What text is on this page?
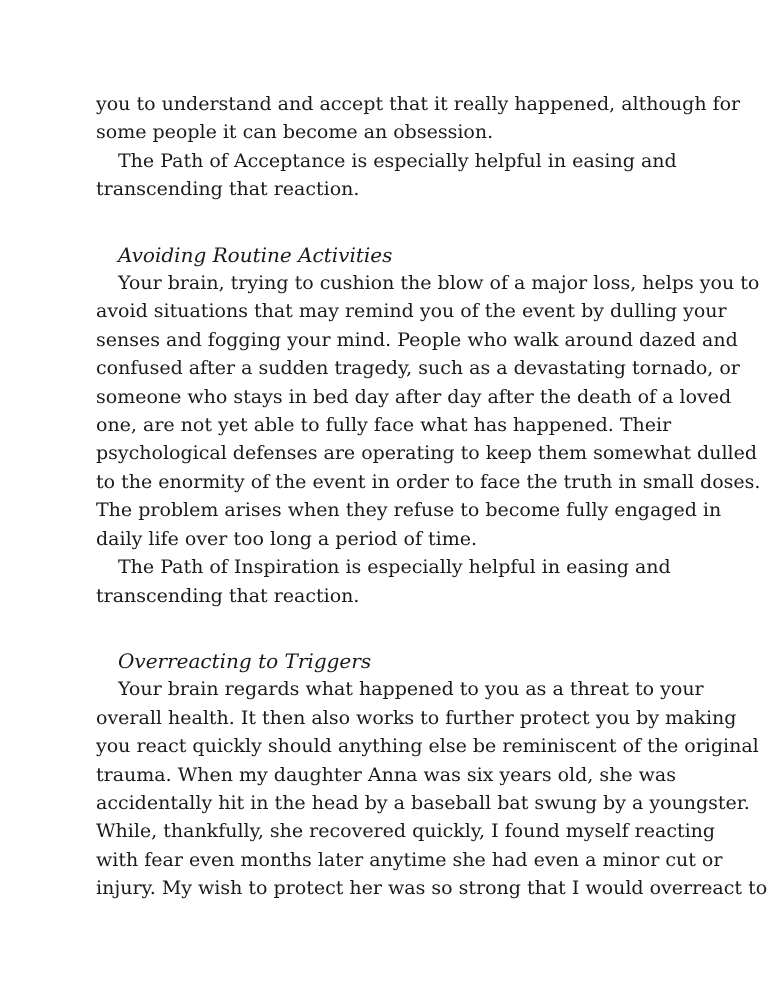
you to understand and accept that it really happened, although for
some people it can become an obsession.
The Path of Acceptance is especially helpful in easing and
transcending that reaction.
Avoiding Routine Activities
Your brain, trying to cushion the blow of a major loss, helps you to
avoid situations that may remind you of the event by dulling your
senses and fogging your mind. People who walk around dazed and
confused after a sudden tragedy, such as a devastating tornado, or
someone who stays in bed day after day after the death of a loved
one, are not yet able to fully face what has happened. Their
psychological defenses are operating to keep them somewhat dulled
to the enormity of the event in order to face the truth in small doses.
The problem arises when they refuse to become fully engaged in
daily life over too long a period of time.
The Path of Inspiration is especially helpful in easing and
transcending that reaction.
Overreacting to Triggers
Your brain regards what happened to you as a threat to your
overall health. It then also works to further protect you by making
you react quickly should anything else be reminiscent of the original
trauma. When my daughter Anna was six years old, she was
accidentally hit in the head by a baseball bat swung by a youngster.
While, thankfully, she recovered quickly, I found myself reacting
with fear even months later anytime she had even a minor cut or
injury. My wish to protect her was so strong that I would overreact to
